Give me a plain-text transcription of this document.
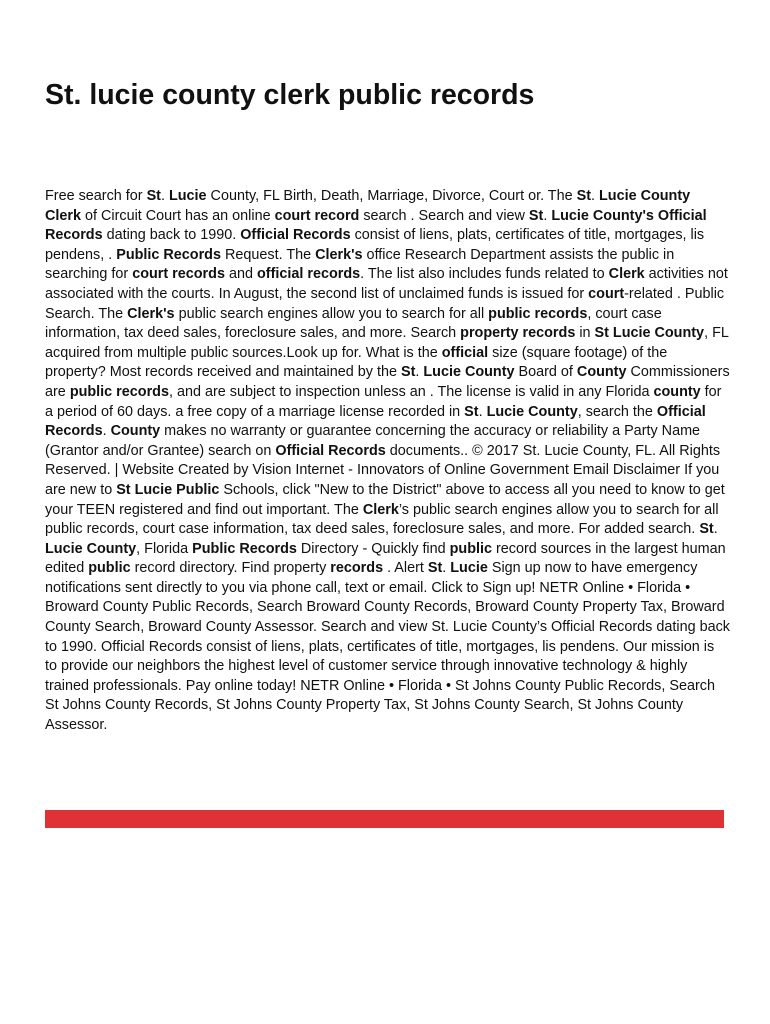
St. lucie county clerk public records

Free search for St. Lucie County, FL Birth, Death, Marriage, Divorce, Court or. The St. Lucie County Clerk of Circuit Court has an online court record search . Search and view St. Lucie County's Official Records dating back to 1990. Official Records consist of liens, plats, certificates of title, mortgages, lis pendens, . Public Records Request. The Clerk's office Research Department assists the public in searching for court records and official records. The list also includes funds related to Clerk activities not associated with the courts. In August, the second list of unclaimed funds is issued for court-related . Public Search. The Clerk's public search engines allow you to search for all public records, court case information, tax deed sales, foreclosure sales, and more. Search property records in St Lucie County, FL acquired from multiple public sources.Look up for. What is the official size (square footage) of the property? Most records received and maintained by the St. Lucie County Board of County Commissioners are public records, and are subject to inspection unless an . The license is valid in any Florida county for a period of 60 days. a free copy of a marriage license recorded in St. Lucie County, search the Official Records. County makes no warranty or guarantee concerning the accuracy or reliability a Party Name (Grantor and/or Grantee) search on Official Records documents.. © 2017 St. Lucie County, FL. All Rights Reserved. | Website Created by Vision Internet - Innovators of Online Government Email Disclaimer If you are new to St Lucie Public Schools, click "New to the District" above to access all you need to know to get your TEEN registered and find out important. The Clerk’s public search engines allow you to search for all public records, court case information, tax deed sales, foreclosure sales, and more. For added search. St. Lucie County, Florida Public Records Directory - Quickly find public record sources in the largest human edited public record directory. Find property records . Alert St. Lucie Sign up now to have emergency notifications sent directly to you via phone call, text or email. Click to Sign up! NETR Online • Florida • Broward County Public Records, Search Broward County Records, Broward County Property Tax, Broward County Search, Broward County Assessor. Search and view St. Lucie County’s Official Records dating back to 1990. Official Records consist of liens, plats, certificates of title, mortgages, lis pendens. Our mission is to provide our neighbors the highest level of customer service through innovative technology & highly trained professionals. Pay online today! NETR Online • Florida • St Johns County Public Records, Search St Johns County Records, St Johns County Property Tax, St Johns County Search, St Johns County Assessor.
